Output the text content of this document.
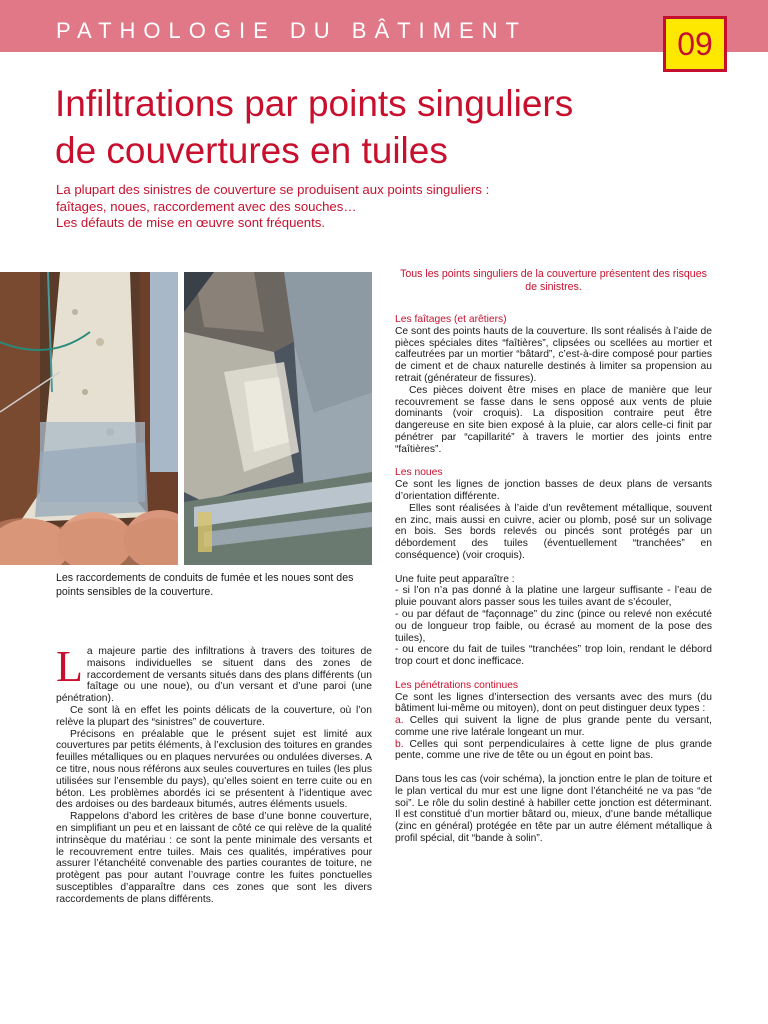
PATHOLOGIE DU BÂTIMENT	09
Infiltrations par points singuliers
de couvertures en tuiles
La plupart des sinistres de couverture se produisent aux points singuliers :
faîtages, noues, raccordement avec des souches…
Les défauts de mise en œuvre sont fréquents.
Les raccordements de conduits de fumée et les noues sont des points sensibles de la couverture.

La majeure partie des infiltrations à travers des toitures de maisons individuelles se situent dans des zones de raccordement de versants situés dans des plans différents (un faîtage ou une noue), ou d’un versant et d’une paroi (une pénétration).

Ce sont là en effet les points délicats de la couverture, où l’on relève la plupart des “sinistres” de couverture.

Précisons en préalable que le présent sujet est limité aux couvertures par petits éléments, à l’exclusion des toitures en grandes feuilles métalliques ou en plaques nervurées ou ondulées diverses. A ce titre, nous nous référons aux seules couvertures en tuiles (les plus utilisées sur l’ensemble du pays), qu’elles soient en terre cuite ou en béton. Les problèmes abordés ici se présentent à l’identique avec des ardoises ou des bardeaux bitumés, autres éléments usuels.

Rappelons d’abord les critères de base d’une bonne couverture, en simplifiant un peu et en laissant de côté ce qui relève de la qualité intrinsèque du matériau : ce sont la pente minimale des versants et le recouvrement entre tuiles. Mais ces qualités, impératives pour assurer l’étanchéité convenable des parties courantes de toiture, ne protègent pas pour autant l’ouvrage contre les fuites ponctuelles susceptibles d’apparaître dans ces zones que sont les divers raccordements de plans différents.

Tous les points singuliers de la couverture présentent des risques de sinistres.

Les faîtages (et arêtiers)

Ce sont des points hauts de la couverture. Ils sont réalisés à l’aide de pièces spéciales dites “faîtières”, clipsées ou scellées au mortier et calfeutrées par un mortier “bâtard”, c’est-à-dire composé pour parties de ciment et de chaux naturelle destinés à limiter sa propension au retrait (générateur de fissures).

Ces pièces doivent être mises en place de manière que leur recouvrement se fasse dans le sens opposé aux vents de pluie dominants (voir croquis). La disposition contraire peut être dangereuse en site bien exposé à la pluie, car alors celle-ci finit par pénétrer par “capillarité” à travers le mortier des joints entre “faîtières”.

Les noues

Ce sont les lignes de jonction basses de deux plans de versants d’orientation différente.

Elles sont réalisées à l’aide d’un revêtement métallique, souvent en zinc, mais aussi en cuivre, acier ou plomb, posé sur un solivage en bois. Ses bords relevés ou pincés sont protégés par un débordement des tuiles (éventuellement “tranchées” en conséquence) (voir croquis).

Une fuite peut apparaître :

- si l’on n’a pas donné à la platine une largeur suffisante - l’eau de pluie pouvant alors passer sous les tuiles avant de s’écouler,

- ou par défaut de “façonnage” du zinc (pince ou relevé non exécuté ou de longueur trop faible, ou écrasé au moment de la pose des tuiles),

- ou encore du fait de tuiles “tranchées” trop loin, rendant le débord trop court et donc inefficace.

Les pénétrations continues

Ce sont les lignes d’intersection des versants avec des murs (du bâtiment lui-même ou mitoyen), dont on peut distinguer deux types :

a. Celles qui suivent la ligne de plus grande pente du versant, comme une rive latérale longeant un mur.

b. Celles qui sont perpendiculaires à cette ligne de plus grande pente, comme une rive de tête ou un égout en point bas.

Dans tous les cas (voir schéma), la jonction entre le plan de toiture et le plan vertical du mur est une ligne dont l’étanchéité ne va pas “de soi”. Le rôle du solin destiné à habiller cette jonction est déterminant. Il est constitué d’un mortier bâtard ou, mieux, d’une bande métallique (zinc en général) protégée en tête par un autre élément métallique à profil spécial, dit “bande à solin”.
